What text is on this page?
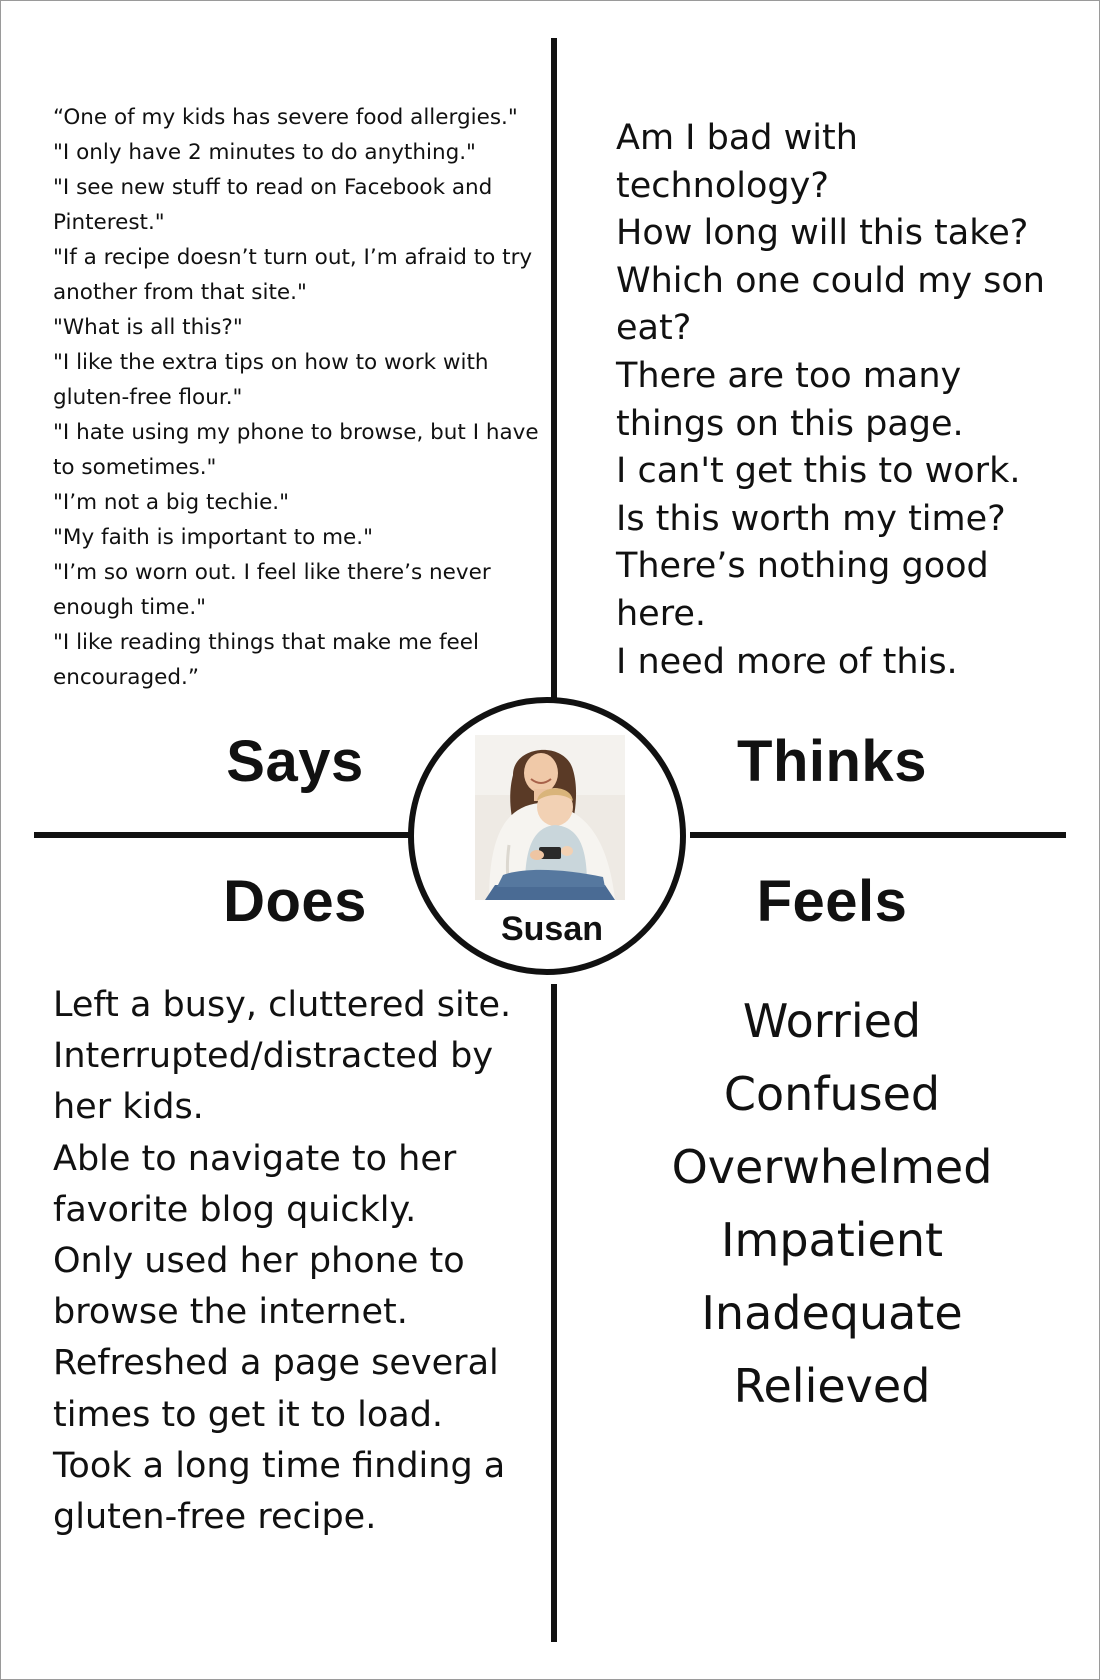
“One of my kids has severe food allergies."
"I only have 2 minutes to do anything."
"I see new stuff to read on Facebook and Pinterest."
"If a recipe doesn’t turn out, I’m afraid to try another from that site."
"What is all this?"
"I like the extra tips on how to work with gluten-free flour."
"I hate using my phone to browse, but I have to sometimes."
"I’m not a big techie."
"My faith is important to me."
"I’m so worn out. I feel like there’s never enough time."
"I like reading things that make me feel encouraged.”
Am I bad with technology?
How long will this take?
Which one could my son eat?
There are too many things on this page.
I can't get this to work.
Is this worth my time?
There’s nothing good here.
I need more of this.
Says	Thinks
Does	Feels
Susan
Left a busy, cluttered site.
Interrupted/distracted by her kids.
Able to navigate to her favorite blog quickly.
Only used her phone to browse the internet.
Refreshed a page several times to get it to load.
Took a long time finding a gluten-free recipe.
Worried
Confused
Overwhelmed
Impatient
Inadequate
Relieved
